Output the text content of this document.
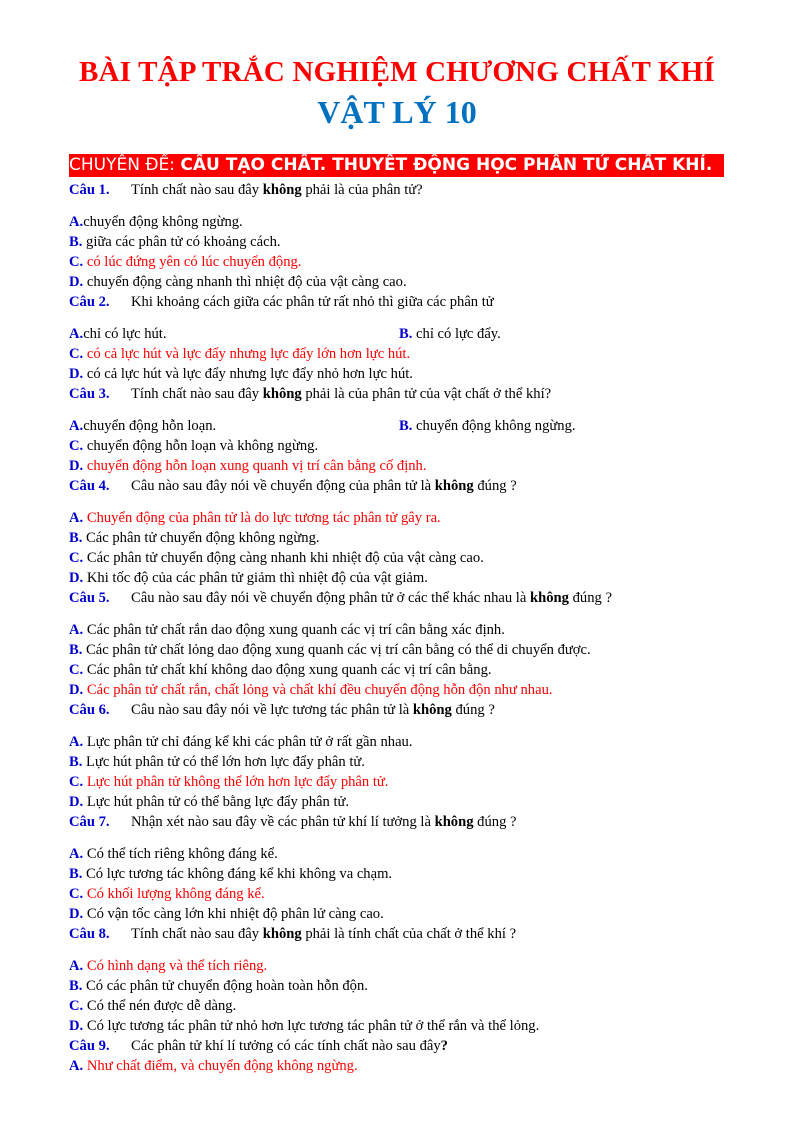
BÀI TẬP TRẮC NGHIỆM CHƯƠNG CHẤT KHÍ
VẬT LÝ 10
CHUYÊN ĐỀ: CẤU TẠO CHẤT. THUYẾT ĐỘNG HỌC PHÂN TỬ CHẤT KHÍ.
Câu 1. Tính chất nào sau đây không phải là của phân tử?
A.chuyển động không ngừng.
B. giữa các phân tử có khoảng cách.
C. có lúc đứng yên có lúc chuyển động.
D. chuyển động càng nhanh thì nhiệt độ của vật càng cao.
Câu 2. Khi khoảng cách giữa các phân tử rất nhỏ thì giữa các phân tử
A.chỉ có lực hút.	B. chỉ có lực đẩy.
C. có cả lực hút và lực đẩy nhưng lực đẩy lớn hơn lực hút.
D. có cả lực hút và lực đẩy nhưng lực đẩy nhỏ hơn lực hút.
Câu 3. Tính chất nào sau đây không phải là của phân tử của vật chất ở thể khí?
A.chuyển động hỗn loạn.	B. chuyển động không ngừng.
C. chuyển động hỗn loạn và không ngừng.
D. chuyển động hỗn loạn xung quanh vị trí cân bằng cố định.
Câu 4. Câu nào sau đây nói về chuyển động của phân tử là không đúng ?
A. Chuyển động của phân tử là do lực tương tác phân tử gây ra.
B. Các phân tử chuyển động không ngừng.
C. Các phân tử chuyển động càng nhanh khi nhiệt độ của vật càng cao.
D. Khi tốc độ của các phân tử giảm thì nhiệt độ của vật giảm.
Câu 5. Câu nào sau đây nói về chuyển động phân tử ở các thể khác nhau là không đúng ?
A. Các phân tử chất rắn dao động xung quanh các vị trí cân bằng xác định.
B. Các phân tử chất lỏng dao động xung quanh các vị trí cân bằng có thể di chuyển được.
C. Các phân tử chất khí không dao động xung quanh các vị trí cân bằng.
D. Các phân tử chất rắn, chất lỏng và chất khí đều chuyển động hỗn độn như nhau.
Câu 6. Câu nào sau đây nói về lực tương tác phân tử là không đúng ?
A. Lực phân tử chỉ đáng kể khi các phân tử ở rất gần nhau.
B. Lực hút phân tử có thể lớn hơn lực đẩy phân tử.
C. Lực hút phân tử không thể lớn hơn lực đẩy phân tử.
D. Lực hút phân tử có thể bằng lực đẩy phân tử.
Câu 7. Nhận xét nào sau đây về các phân tử khí lí tưởng là không đúng ?
A. Có thể tích riêng không đáng kể.
B. Có lực tương tác không đáng kể khi không va chạm.
C. Có khối lượng không đáng kể.
D. Có vận tốc càng lớn khi nhiệt độ phân lử càng cao.
Câu 8. Tính chất nào sau đây không phải là tính chất của chất ở thể khí ?
A. Có hình dạng và thể tích riêng.
B. Có các phân tử chuyển động hoàn toàn hỗn độn.
C. Có thể nén được dễ dàng.
D. Có lực tương tác phân tử nhỏ hơn lực tương tác phân tử ở thể rắn và thể lỏng.
Câu 9. Các phân tử khí lí tưởng có các tính chất nào sau đây?
A. Như chất điểm, và chuyển động không ngừng.
